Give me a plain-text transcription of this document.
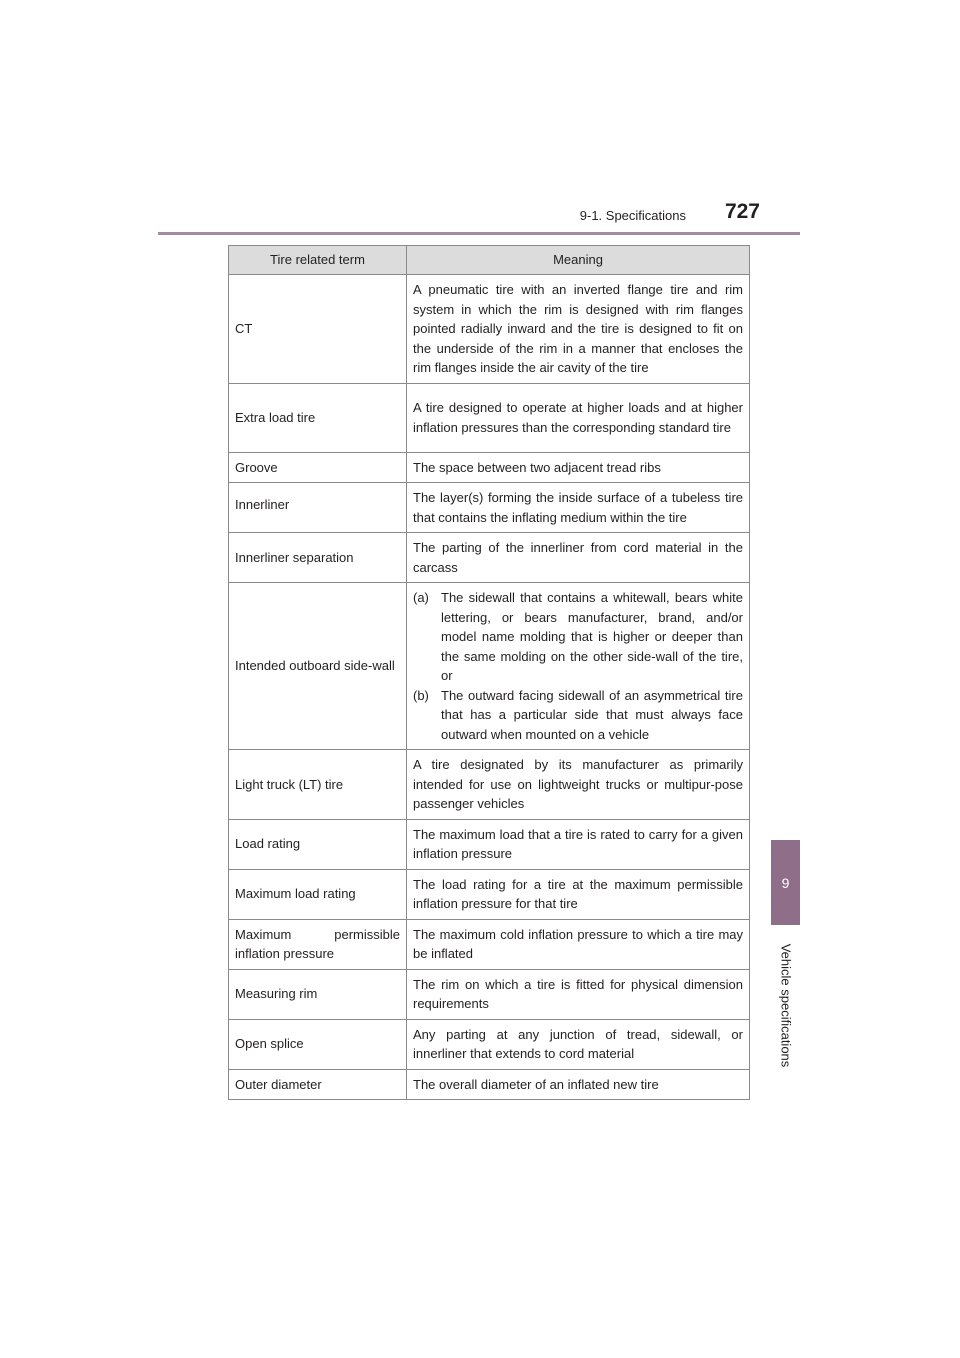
9-1. Specifications	727
9
Vehicle specifications
Tire related term	Meaning
CT	A pneumatic tire with an inverted flange tire and rim system in which the rim is designed with rim flanges pointed radially inward and the tire is designed to fit on the underside of the rim in a manner that encloses the rim flanges inside the air cavity of the tire
Extra load tire	A tire designed to operate at higher loads and at higher inflation pressures than the corresponding standard tire
Groove	The space between two adjacent tread ribs
Innerliner	The layer(s) forming the inside surface of a tubeless tire that contains the inflating medium within the tire
Innerliner separation	The parting of the innerliner from cord material in the carcass
Intended outboard side-wall	(a) The sidewall that contains a whitewall, bears white lettering, or bears manufacturer, brand, and/or model name molding that is higher or deeper than the same molding on the other side-wall of the tire, or
(b) The outward facing sidewall of an asymmetrical tire that has a particular side that must always face outward when mounted on a vehicle

Light truck (LT) tire	A tire designated by its manufacturer as primarily intended for use on lightweight trucks or multipur-pose passenger vehicles
Load rating	The maximum load that a tire is rated to carry for a given inflation pressure
Maximum load rating	The load rating for a tire at the maximum permissible inflation pressure for that tire
Maximum permissible inflation pressure	The maximum cold inflation pressure to which a tire may be inflated
Measuring rim	The rim on which a tire is fitted for physical dimension requirements
Open splice	Any parting at any junction of tread, sidewall, or innerliner that extends to cord material
Outer diameter	The overall diameter of an inflated new tire
